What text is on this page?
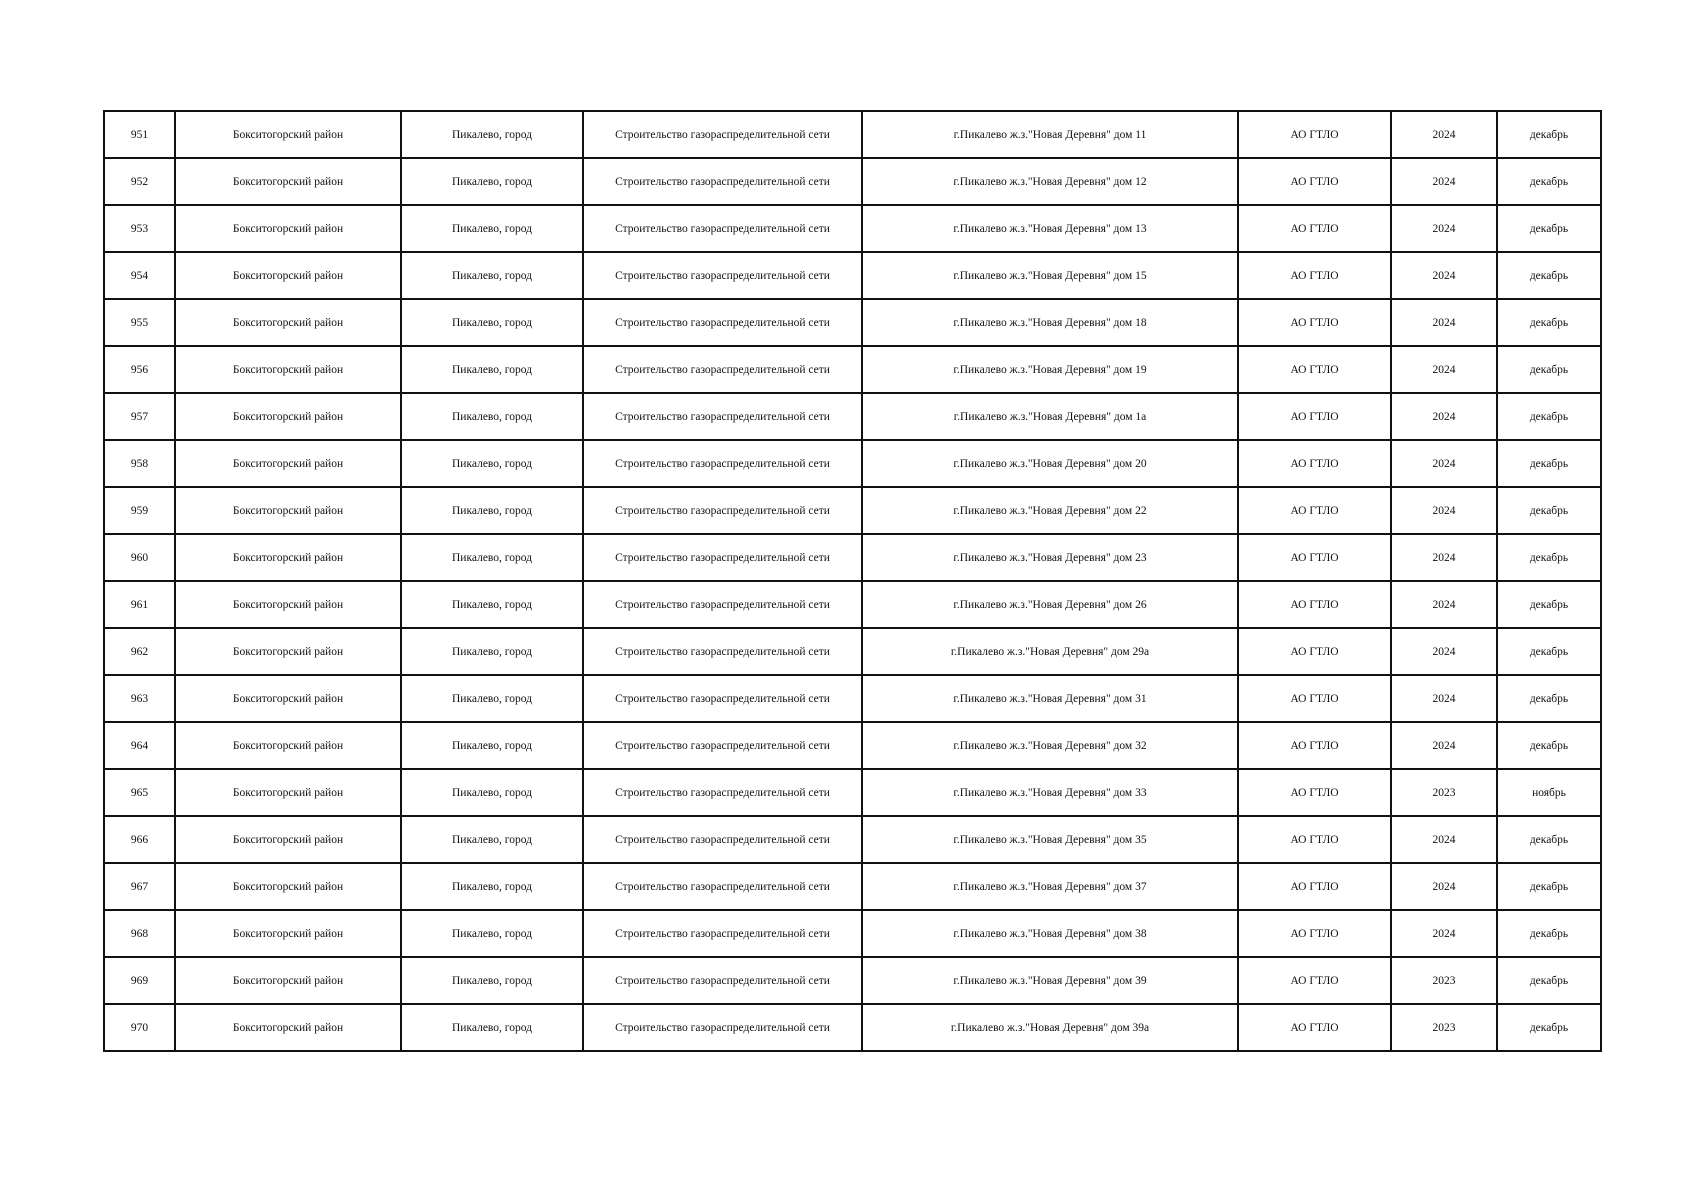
951	Бокситогорский район	Пикалево, город	Строительство газораспределительной сети	г.Пикалево ж.з."Новая Деревня" дом 11	АО ГТЛО	2024	декабрь
952	Бокситогорский район	Пикалево, город	Строительство газораспределительной сети	г.Пикалево ж.з."Новая Деревня" дом 12	АО ГТЛО	2024	декабрь
953	Бокситогорский район	Пикалево, город	Строительство газораспределительной сети	г.Пикалево ж.з."Новая Деревня" дом 13	АО ГТЛО	2024	декабрь
954	Бокситогорский район	Пикалево, город	Строительство газораспределительной сети	г.Пикалево ж.з."Новая Деревня" дом 15	АО ГТЛО	2024	декабрь
955	Бокситогорский район	Пикалево, город	Строительство газораспределительной сети	г.Пикалево ж.з."Новая Деревня" дом 18	АО ГТЛО	2024	декабрь
956	Бокситогорский район	Пикалево, город	Строительство газораспределительной сети	г.Пикалево ж.з."Новая Деревня" дом 19	АО ГТЛО	2024	декабрь
957	Бокситогорский район	Пикалево, город	Строительство газораспределительной сети	г.Пикалево ж.з."Новая Деревня" дом 1а	АО ГТЛО	2024	декабрь
958	Бокситогорский район	Пикалево, город	Строительство газораспределительной сети	г.Пикалево ж.з."Новая Деревня" дом 20	АО ГТЛО	2024	декабрь
959	Бокситогорский район	Пикалево, город	Строительство газораспределительной сети	г.Пикалево ж.з."Новая Деревня" дом 22	АО ГТЛО	2024	декабрь
960	Бокситогорский район	Пикалево, город	Строительство газораспределительной сети	г.Пикалево ж.з."Новая Деревня" дом 23	АО ГТЛО	2024	декабрь
961	Бокситогорский район	Пикалево, город	Строительство газораспределительной сети	г.Пикалево ж.з."Новая Деревня" дом 26	АО ГТЛО	2024	декабрь
962	Бокситогорский район	Пикалево, город	Строительство газораспределительной сети	г.Пикалево ж.з."Новая Деревня" дом 29а	АО ГТЛО	2024	декабрь
963	Бокситогорский район	Пикалево, город	Строительство газораспределительной сети	г.Пикалево ж.з."Новая Деревня" дом 31	АО ГТЛО	2024	декабрь
964	Бокситогорский район	Пикалево, город	Строительство газораспределительной сети	г.Пикалево ж.з."Новая Деревня" дом 32	АО ГТЛО	2024	декабрь
965	Бокситогорский район	Пикалево, город	Строительство газораспределительной сети	г.Пикалево ж.з."Новая Деревня" дом 33	АО ГТЛО	2023	ноябрь
966	Бокситогорский район	Пикалево, город	Строительство газораспределительной сети	г.Пикалево ж.з."Новая Деревня" дом 35	АО ГТЛО	2024	декабрь
967	Бокситогорский район	Пикалево, город	Строительство газораспределительной сети	г.Пикалево ж.з."Новая Деревня" дом 37	АО ГТЛО	2024	декабрь
968	Бокситогорский район	Пикалево, город	Строительство газораспределительной сети	г.Пикалево ж.з."Новая Деревня" дом 38	АО ГТЛО	2024	декабрь
969	Бокситогорский район	Пикалево, город	Строительство газораспределительной сети	г.Пикалево ж.з."Новая Деревня" дом 39	АО ГТЛО	2023	декабрь
970	Бокситогорский район	Пикалево, город	Строительство газораспределительной сети	г.Пикалево ж.з."Новая Деревня" дом 39а	АО ГТЛО	2023	декабрь
